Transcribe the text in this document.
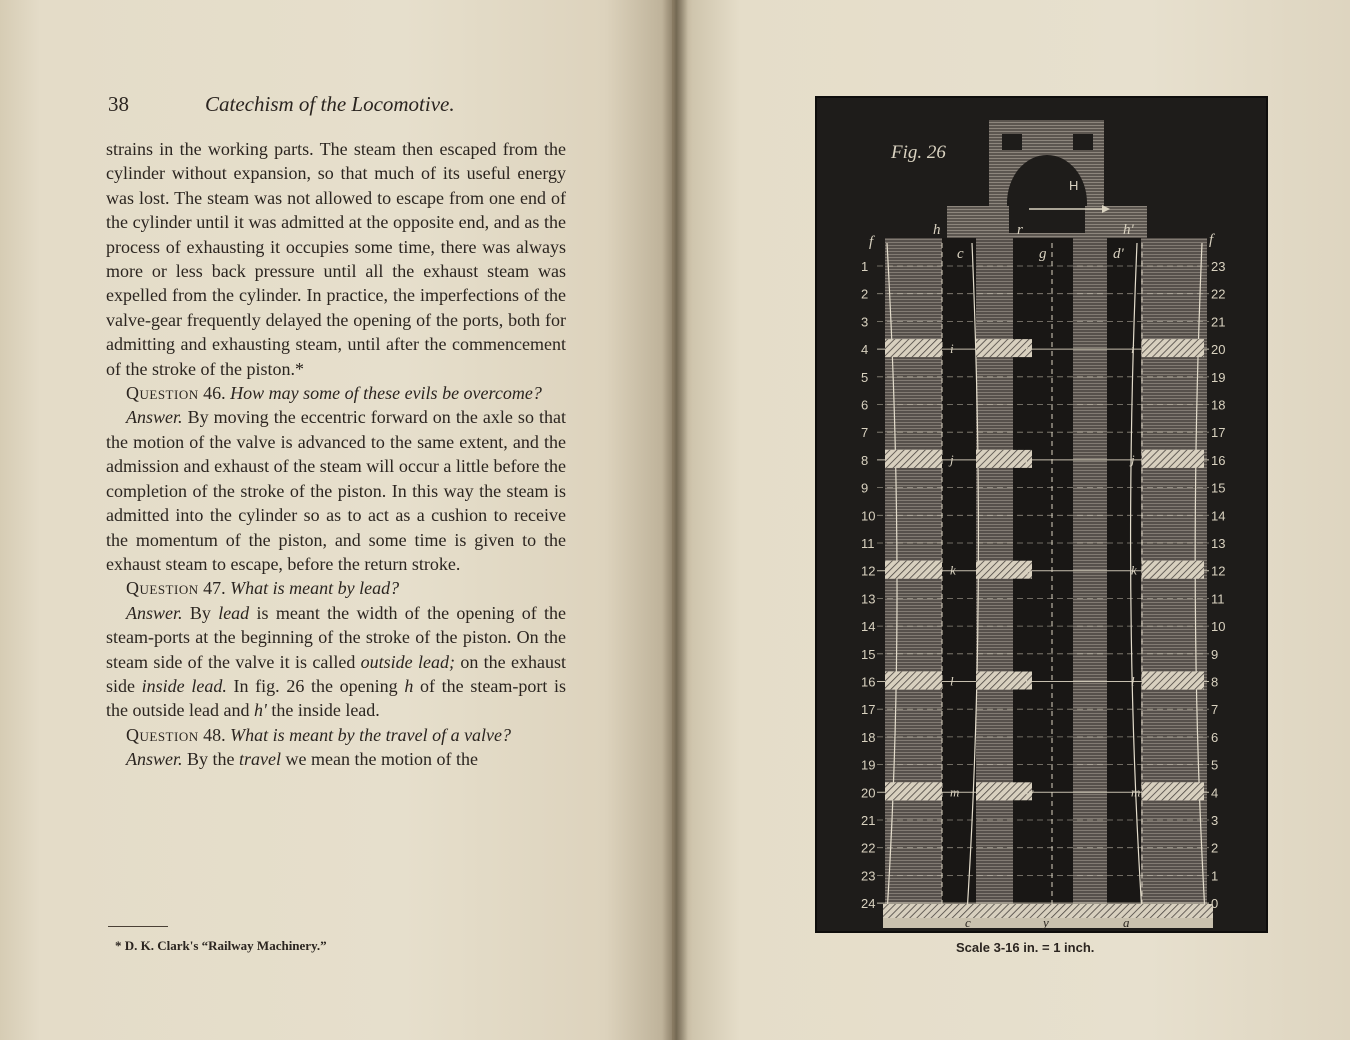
38	Catechism of the Locomotive.

strains in the working parts. The steam then escaped from the cylinder without expansion, so that much of its useful energy was lost. The steam was not allowed to escape from one end of the cylinder until it was admitted at the opposite end, and as the process of exhausting it occupies some time, there was always more or less back pressure until all the exhaust steam was expelled from the cylinder. In practice, the imperfections of the valve-gear frequently delayed the opening of the ports, both for admitting and exhausting steam, until after the commencement of the stroke of the piston.*

Question 46. How may some of these evils be overcome?

Answer. By moving the eccentric forward on the axle so that the motion of the valve is advanced to the same extent, and the admission and exhaust of the steam will occur a little before the completion of the stroke of the piston. In this way the steam is admitted into the cylinder so as to act as a cushion to receive the momentum of the piston, and some time is given to the exhaust steam to escape, before the return stroke.

Question 47. What is meant by lead?

Answer. By lead is meant the width of the opening of the steam-ports at the beginning of the stroke of the piston. On the steam side of the valve it is called outside lead; on the exhaust side inside lead. In fig. 26 the opening h of the steam-port is the outside lead and h' the inside lead.

Question 48. What is meant by the travel of a valve?

Answer. By the travel we mean the motion of the

* D. K. Clark's “Railway Machinery.”
1	23
2	22
3	21
4	20
5	19
6	18
7	17
8	16
9	15
10	14
11	13
12	12
13	11
14	10
15	9
16	8
17	7
18	6
19	5
20	4
21	3
22	2
23	1
24	0
i	s	i
j	t	j
k	u	k
l	v	l
m	w	m
H
f
h	r	h'
f
c	g	d'
c	y	a
Fig. 26
Scale 3-16 in. = 1 inch.
